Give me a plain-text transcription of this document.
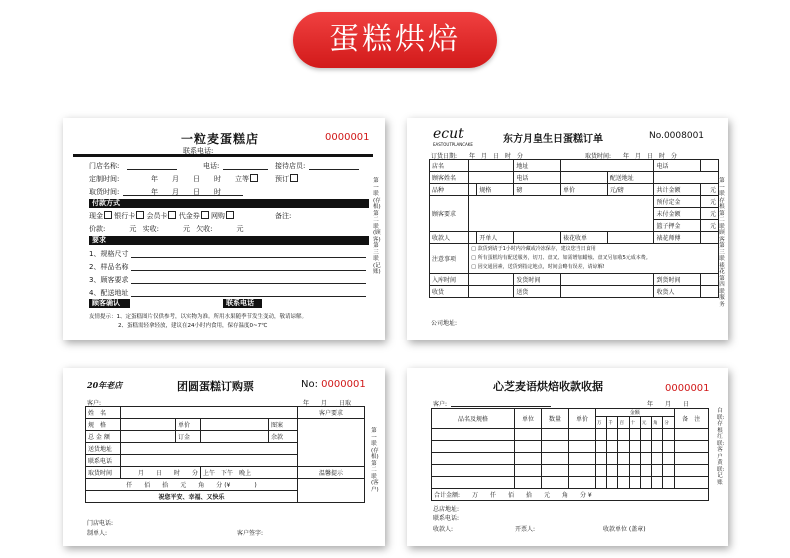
蛋糕烘焙
一粒麦蛋糕店	0000001
联系电话:
门店名称:	电话:	接待店员:
定制时间:	年　　月　　日　　时 立等	预订
取货时间:	年　　月　　日　　时
付款方式
现金 银行卡 会员卡 代金券 网购	备注:
价款:	元 实收:	元 欠收:	元
要求
1、规格尺寸
2、样品名称
3、顾客要求
4、配送地址
顾客确认	联系电话
友情提示：1、定蛋糕图片仅供参考，以实物为准。所用水果随季节发生变动，敬请谅解。
2、蛋糕需轻拿轻放，建议在24小时内食用，保存温度0~7℃
第一联(存根) 第二联(顾客) 第三联(记账)
ecut
EASTOUTPLANCAKE	东方月皇生日蛋糕订单	No.0008001
订货日期:　　年　月　日　时　分	取货时间:　　年　月　日　时　分
店名			地址			电话	
顾客姓名			电话		配送地址		
品种		规格	磅	单价	元/磅	共计金额	元
顾客要求						预付定金	元
						未付金额	元
						篮子押金	元
收款人		开单人		裱花收单		裱花师傅	
注意事项	□ 款货到请于1小时内冷藏或冷冻保存，建议您当日食用
□ 所有蛋糕均有配送服务，切刀、盘叉、如需增加蜡烛、盘叉另加收5元成本费。
□ 因交通因素，送货到指定地点，时间会略有误差，请谅解!						

入库时间			发货时间			到货时间	
收货			送货			收货人	
公司地址:
第一联存根 第二联顾客 第三联裱花 第四联服务
20年老店	团圆蛋糕订购票	No: 0000001
客户:	年　　月　　日取
姓　名					客户要求
规　格		单价		图案	
总 金 额		订金		余款	
送货地址					
联系电话					
取货时间	月　　日　　时　　分		上午　 下午　 晚上		温馨提示
仟　　佰　　拾　　元　　角　　分 (¥　　　　)					
祝您平安、幸福、又快乐					
门店电话:
制单人:	客户签字:
第一联(存根) 第二联(客户)
心芝麦语烘焙收款收据	0000001
客户:	年　　月　　日
品名及规格	单位	数量	单价	金额							备　注
				万	千	百	十	元	角	分	

合计金额:　　万　　仟　　佰　　拾　　元　　角　　分 ¥											
总店地址:
联系电话:
收款人:	开票人:	收款单位 (盖章)
白联:存根 红联:客户 黄联:记账
